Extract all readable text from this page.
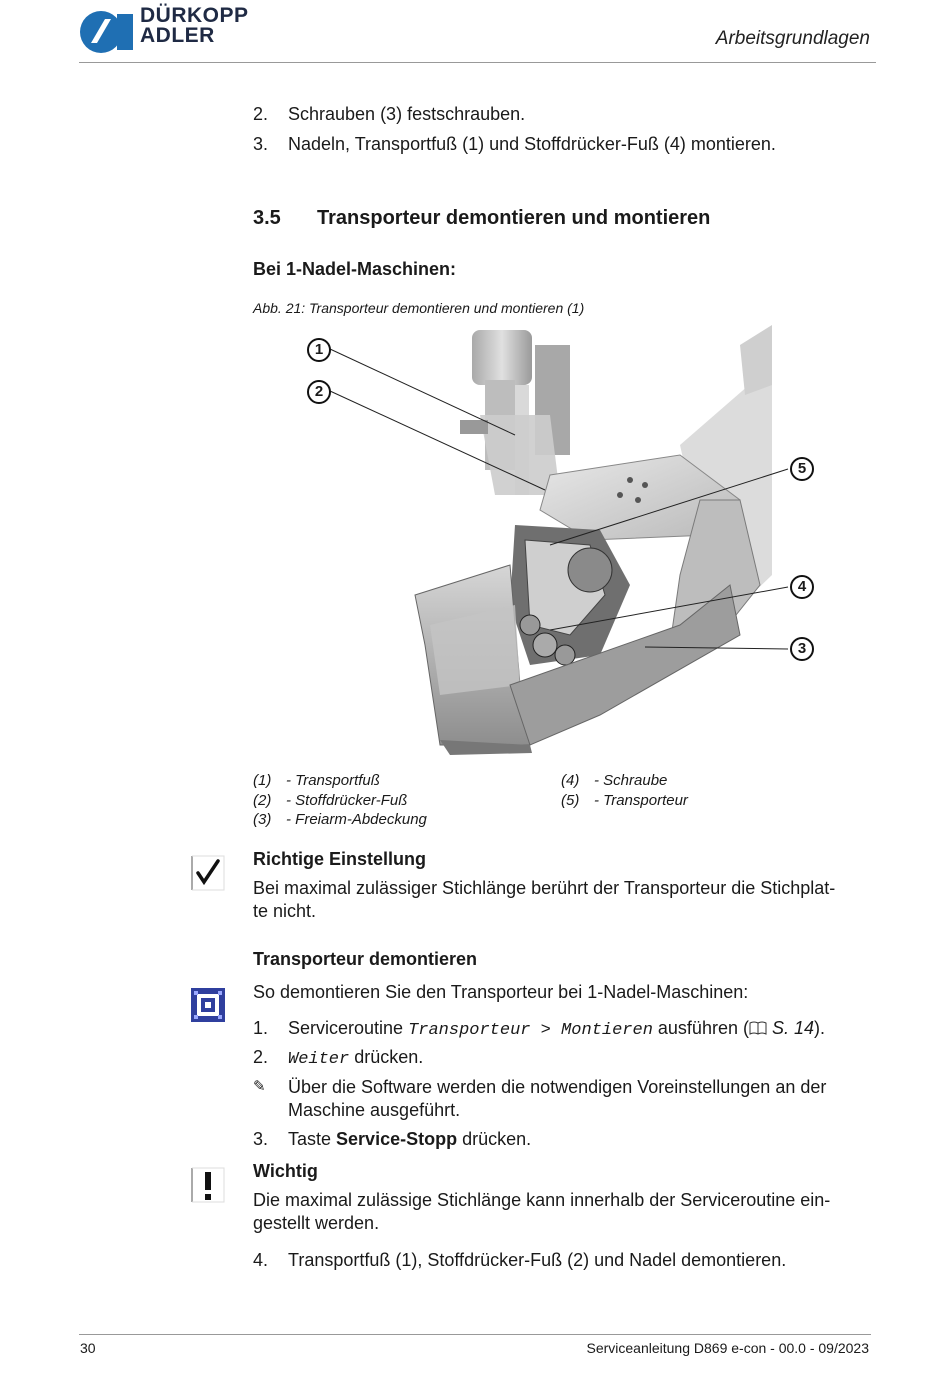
DÜRKOPP
ADLER	Arbeitsgrundlagen
2. Schrauben (3) festschrauben.
3. Nadeln, Transportfuß (1) und Stoffdrücker-Fuß (4) montieren.
3.5 Transporteur demontieren und montieren
Bei 1-Nadel-Maschinen:
Abb. 21: Transporteur demontieren und montieren (1)
1
2
5
4
3
(1) - Transportfuß
(2) - Stoffdrücker-Fuß
(3) - Freiarm-Abdeckung
(4) - Schraube
(5) - Transporteur
Richtige Einstellung
Bei maximal zulässiger Stichlänge berührt der Transporteur die Stichplat-
te nicht.
Transporteur demontieren
So demontieren Sie den Transporteur bei 1-Nadel-Maschinen:
1. Serviceroutine Transporteur > Montieren ausführen ( S. 14).
2. Weiter drücken.
✎ Über die Software werden die notwendigen Voreinstellungen an der
Maschine ausgeführt.
3. Taste Service-Stopp drücken.
Wichtig
Die maximal zulässige Stichlänge kann innerhalb der Serviceroutine ein-
gestellt werden.
4. Transportfuß (1), Stoffdrücker-Fuß (2) und Nadel demontieren.
30	Serviceanleitung D869 e-con - 00.0 - 09/2023
